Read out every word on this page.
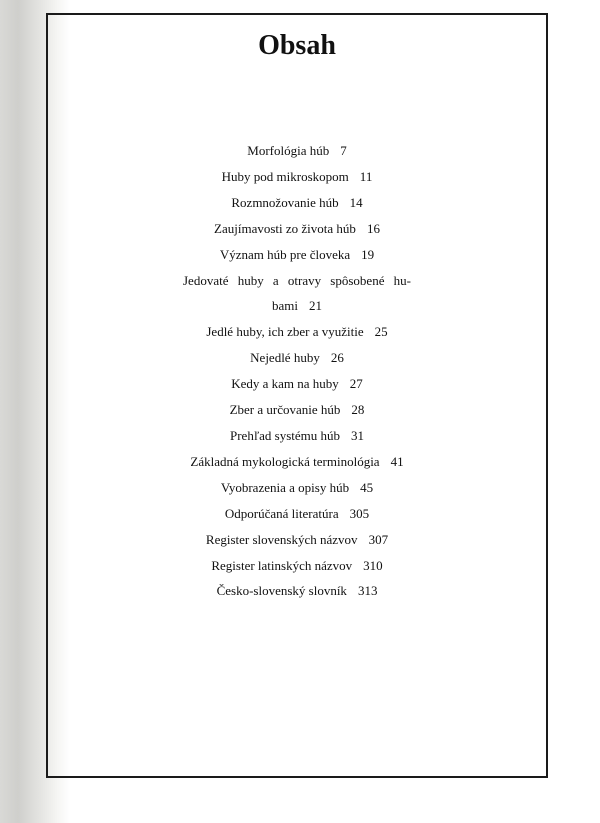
Obsah
Morfológia húb 7
Huby pod mikroskopom 11
Rozmnožovanie húb 14
Zaujímavosti zo života húb 16
Význam húb pre človeka 19
Jedovaté huby a otravy spôsobené hu-
bami 21
Jedlé huby, ich zber a využitie 25
Nejedlé huby 26
Kedy a kam na huby 27
Zber a určovanie húb 28
Prehľad systému húb 31
Základná mykologická terminológia 41
Vyobrazenia a opisy húb 45
Odporúčaná literatúra 305
Register slovenských názvov 307
Register latinských názvov 310
Česko-slovenský slovník 313
